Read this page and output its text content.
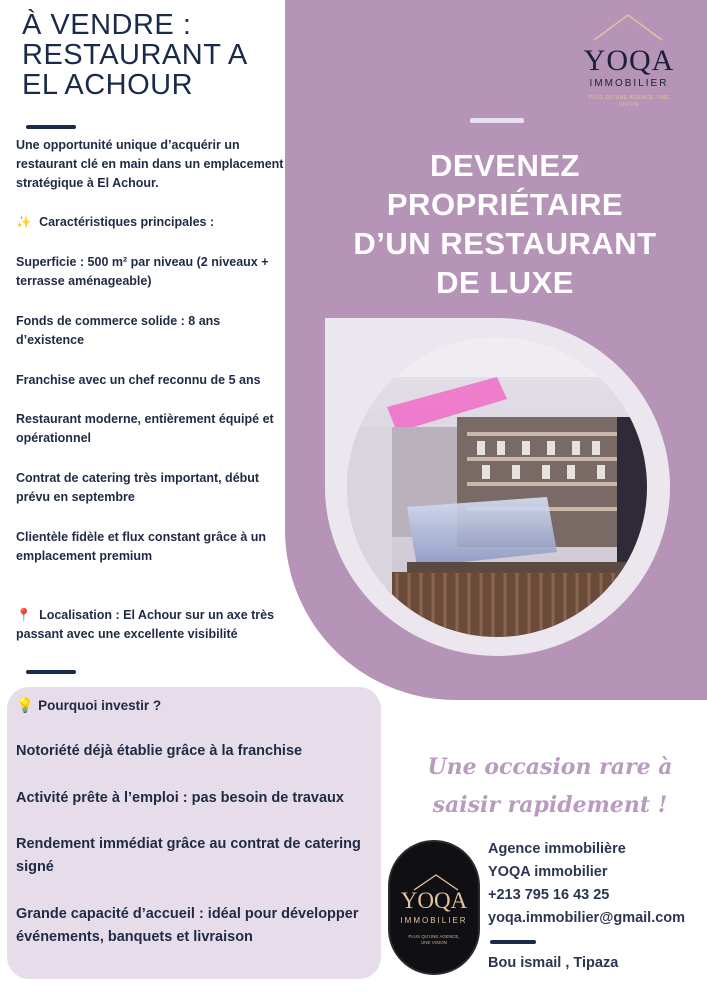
À VENDRE :
RESTAURANT A
EL ACHOUR
Une opportunité unique d’acquérir un restaurant clé en main dans un emplacement stratégique à El Achour.
✨ Caractéristiques principales :
Superficie : 500 m² par niveau (2 niveaux + terrasse aménageable)
Fonds de commerce solide : 8 ans d’existence
Franchise avec un chef reconnu de 5 ans
Restaurant moderne, entièrement équipé et opérationnel
Contrat de catering très important, début prévu en septembre
Clientèle fidèle et flux constant grâce à un emplacement premium
📍 Localisation : El Achour sur un axe très passant avec une excellente visibilité
YOQA
IMMOBILIER
PLUS QU'UNE AGENCE, UNE VISION
DEVENEZ
PROPRIÉTAIRE
D’UN RESTAURANT
DE LUXE
💡 Pourquoi investir ?
Notoriété déjà établie grâce à la franchise
Activité prête à l’emploi : pas besoin de travaux
Rendement immédiat grâce au contrat de catering signé
Grande capacité d’accueil : idéal pour développer événements, banquets et livraison
Une occasion rare à
saisir rapidement !
YOQA
IMMOBILIER
PLUS QU'UNE AGENCE, UNE VISION
Agence immobilière
YOQA immobilier
+213 795 16 43 25
yoqa.immobilier@gmail.com
Bou ismail , Tipaza
